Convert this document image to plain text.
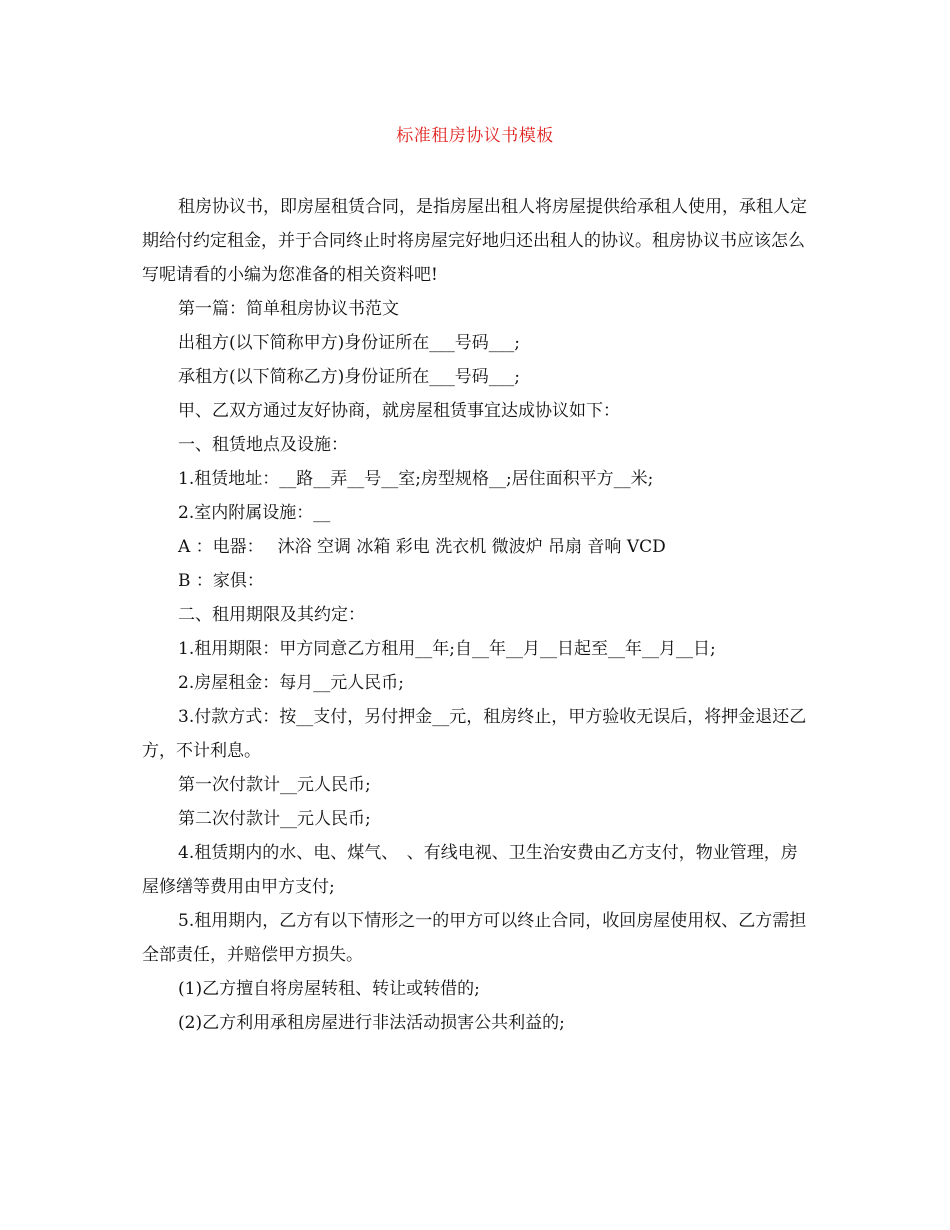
标准租房协议书模板

租房协议书，即房屋租赁合同，是指房屋出租人将房屋提供给承租人使用，承租人定期给付约定租金，并于合同终止时将房屋完好地归还出租人的协议。租房协议书应该怎么写呢请看的小编为您准备的相关资料吧!

第一篇：简单租房协议书范文

出租方(以下简称甲方)身份证所在___号码___;

承租方(以下简称乙方)身份证所在___号码___;

甲、乙双方通过友好协商，就房屋租赁事宜达成协议如下：

一、租赁地点及设施：

1.租赁地址：__路__弄__号__室;房型规格__;居住面积平方__米;

2.室内附属设施：__

A ：电器：　 沐浴 空调 冰箱 彩电 洗衣机 微波炉 吊扇 音响 VCD

B ：家俱：

二、租用期限及其约定：

1.租用期限：甲方同意乙方租用__年;自__年__月__日起至__年__月__日;

2.房屋租金：每月__元人民币;

3.付款方式：按__支付，另付押金__元，租房终止，甲方验收无误后，将押金退还乙方，不计利息。

第一次付款计__元人民币;

第二次付款计__元人民币;

4.租赁期内的水、电、煤气、　、有线电视、卫生治安费由乙方支付，物业管理，房屋修缮等费用由甲方支付;

5.租用期内，乙方有以下情形之一的甲方可以终止合同，收回房屋使用权、乙方需担全部责任，并赔偿甲方损失。

(1)乙方擅自将房屋转租、转让或转借的;

(2)乙方利用承租房屋进行非法活动损害公共利益的;
